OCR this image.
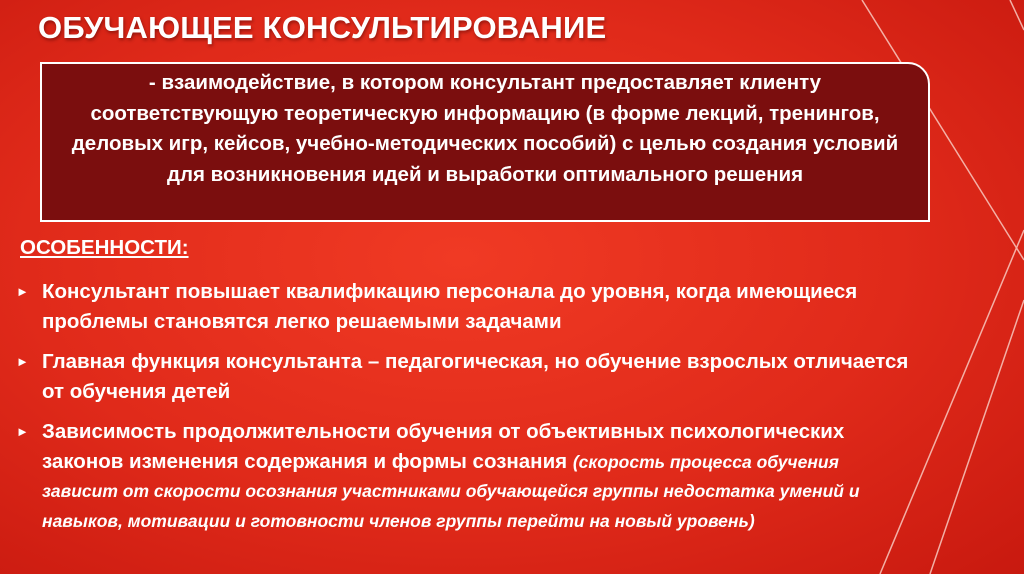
ОБУЧАЮЩЕЕ КОНСУЛЬТИРОВАНИЕ

- взаимодействие, в котором консультант предоставляет клиенту соответствующую теоретическую информацию (в форме лекций, тренингов, деловых игр, кейсов, учебно-методических пособий) с целью создания условий для возникновения идей и выработки оптимального решения

ОСОБЕННОСТИ:

► Консультант повышает квалификацию персонала до уровня, когда имеющиеся проблемы становятся легко решаемыми задачами
► Главная функция консультанта – педагогическая, но обучение взрослых отличается от обучения детей
► Зависимость продолжительности обучения от объективных психологических законов изменения содержания и формы сознания (скорость процесса обучения зависит от скорости осознания участниками обучающейся группы недостатка умений и навыков, мотивации и готовности членов группы перейти на новый уровень)
